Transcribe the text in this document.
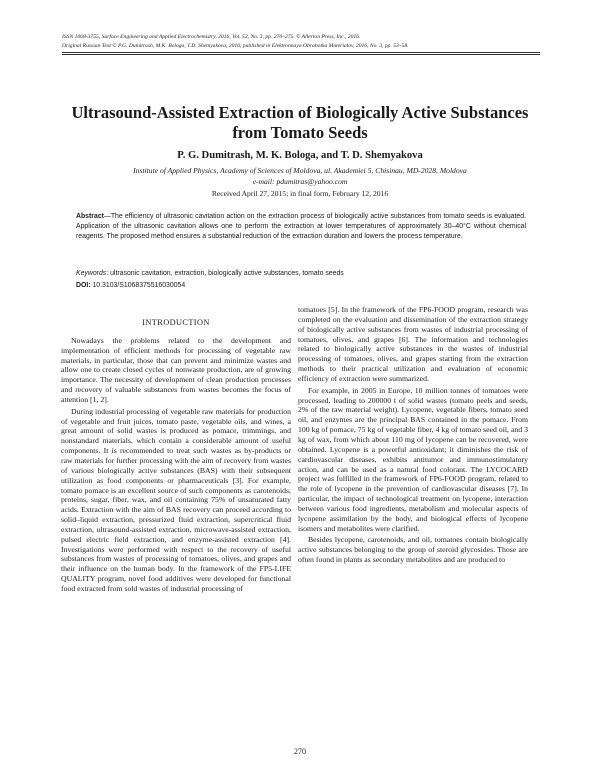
ISSN 1068-3755, Surface Engineering and Applied Electrochemistry, 2016, Vol. 52, No. 3, pp. 270–275. © Allerton Press, Inc., 2016.
Original Russian Text © P.G. Dumitrash, M.K. Bologa, T.D. Shemyakova, 2016, published in Elektronnaya Obrabotka Materialov, 2016, No. 3, pp. 53–58.
Ultrasound-Assisted Extraction of Biologically Active Substances
from Tomato Seeds
P. G. Dumitrash, M. K. Bologa, and T. D. Shemyakova
Institute of Applied Physics, Academy of Sciences of Moldova, ul. Akademiei 5, Chisinau, MD-2028, Moldova
e-mail: pdumitras@yahoo.com
Received April 27, 2015; in final form, February 12, 2016
Abstract—The efficiency of ultrasonic cavitation action on the extraction process of biologically active substances from tomato seeds is evaluated. Application of the ultrasonic cavitation allows one to perform the extraction at lower temperatures of approximately 30–40°C without chemical reagents. The proposed method ensures a substantial reduction of the extraction duration and lowers the process temperature.
Keywords: ultrasonic cavitation, extraction, biologically active substances, tomato seeds
DOI: 10.3103/S1068375516030054
INTRODUCTION

Nowadays the problems related to the development and implementation of efficient methods for processing of vegetable raw materials, in particular, those that can prevent and minimize wastes and allow one to create closed cycles of nonwaste production, are of growing importance. The necessity of development of clean production processes and recovery of valuable substances from wastes becomes the focus of attention [1, 2].

During industrial processing of vegetable raw materials for production of vegetable and fruit juices, tomato paste, vegetable oils, and wines, a great amount of solid wastes is produced as pomace, trimmings, and nonstandard materials, which contain a considerable amount of useful components. It is recommended to treat such wastes as by-products or raw materials for further processing with the aim of recovery from wastes of various biologically active substances (BAS) with their subsequent utilization as food components or pharmaceuticals [3]. For example, tomato pomace is an excellent source of such components as carotenoids, proteins, sugar, fiber, wax, and oil containing 75% of unsaturated fatty acids. Extraction with the aim of BAS recovery can proceed according to solid–liquid extraction, pressurized fluid extraction, supercritical fluid extraction, ultrasound-assisted extraction, microwave-assisted extraction, pulsed electric field extraction, and enzyme-assisted extraction [4]. Investigations were performed with respect to the recovery of useful substances from wastes of processing of tomatoes, olives, and grapes and their influence on the human body. In the framework of the FP5-LIFE QUALITY program, novel food additives were developed for functional food extracted from sold wastes of industrial processing of

tomatoes [5]. In the framework of the FP6-FOOD program, research was completed on the evaluation and dissemination of the extraction strategy of biologically active substances from wastes of industrial processing of tomatoes, olives, and grapes [6]. The information and technologies related to biologically active substances in the wastes of industrial processing of tomatoes, olives, and grapes starting from the extraction methods to their practical utilization and evaluation of economic efficiency of extraction were summarized.

For example, in 2005 in Europe, 10 million tonnes of tomatoes were processed, leading to 200000 t of solid wastes (tomato peels and seeds, 2% of the raw material weight). Lycopene, vegetable fibers, tomato seed oil, and enzymes are the principal BAS contained in the pomace. From 100 kg of pomace, 75 kg of vegetable fiber, 4 kg of tomato seed oil, and 3 kg of wax, from which about 110 mg of lycopene can be recovered, were obtained. Lycopene is a powerful antioxidant; it diminishes the risk of cardiovascular diseases, exhibits antitumor and immunostimulatory action, and can be used as a natural food colorant. The LYCOCARD project was fulfilled in the framework of FP6-FOOD program, related to the role of lycopene in the prevention of cardiovascular diseases [7]. In particular, the impact of technological treatment on lycopene, interaction between various food ingredients, metabolism and molecular aspects of lycopene assimilation by the body, and biological effects of lycopene isomers and metabolites were clarified.

Besides lycopene, carotenoids, and oil, tomatoes contain biologically active substances belonging to the group of steroid glycosides. Those are often found in plants as secondary metabolites and are produced to

270
